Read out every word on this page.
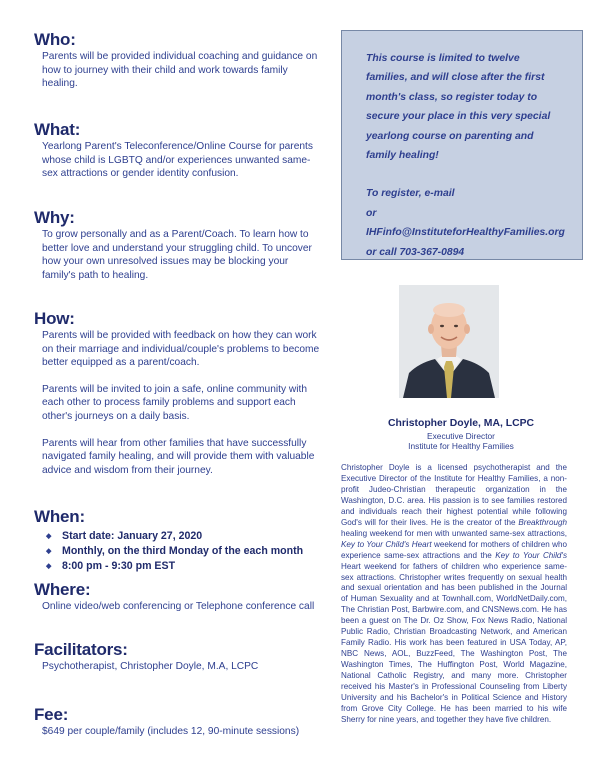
Who:

Parents will be provided individual coaching and guidance on how to journey with their child and work towards family healing.

What:

Yearlong Parent's Teleconference/Online Course for parents whose child is LGBTQ and/or experiences unwanted same-sex attractions or gender identity confusion.

Why:

To grow personally and as a Parent/Coach. To learn how to better love and understand your struggling child. To uncover how your own unresolved issues may be blocking your family's path to healing.

How:

Parents will be provided with feedback on how they can work on their marriage and individual/couple's problems to become better equipped as a parent/coach.

Parents will be invited to join a safe, online community with each other to process family problems and support each other's journeys on a daily basis.

Parents will hear from other families that have successfully navigated family healing, and will provide them with valuable advice and wisdom from their journey.

When:
◆ Start date: January 27, 2020
◆ Monthly, on the third Monday of the each month
◆ 8:00 pm - 9:30 pm EST
Where:

Online video/web conferencing or Telephone conference call

Facilitators:

Psychotherapist, Christopher Doyle, M.A, LCPC

Fee:

$649 per couple/family (includes 12, 90-minute sessions)

This course is limited to twelve families, and will close after the first month's class, so register today to secure your place in this very special yearlong course on parenting and family healing!

To register, e-mail
or IHFinfo@InstituteforHealthyFamilies.org
or call 703-367-0894

Christopher Doyle, MA, LCPC
Executive Director
Institute for Healthy Families
Christopher Doyle is a licensed psychotherapist and the Executive Director of the Institute for Healthy Families, a non-profit Judeo-Christian therapeutic organization in the Washington, D.C. area. His passion is to see families restored and individuals reach their highest potential while following God's will for their lives. He is the creator of the Breakthrough healing weekend for men with unwanted same-sex attractions, Key to Your Child's Heart weekend for mothers of children who experience same-sex attractions and the Key to Your Child's Heart weekend for fathers of children who experience same-sex attractions. Christopher writes frequently on sexual health and sexual orientation and has been published in the Journal of Human Sexuality and at Townhall.com, WorldNetDaily.com, The Christian Post, Barbwire.com, and CNSNews.com. He has been a guest on The Dr. Oz Show, Fox News Radio, National Public Radio, Christian Broadcasting Network, and American Family Radio. His work has been featured in USA Today, AP, NBC News, AOL, BuzzFeed, The Washington Post, The Washington Times, The Huffington Post, World Magazine, National Catholic Registry, and many more. Christopher received his Master's in Professional Counseling from Liberty University and his Bachelor's in Political Science and History from Grove City College. He has been married to his wife Sherry for nine years, and together they have five children.
